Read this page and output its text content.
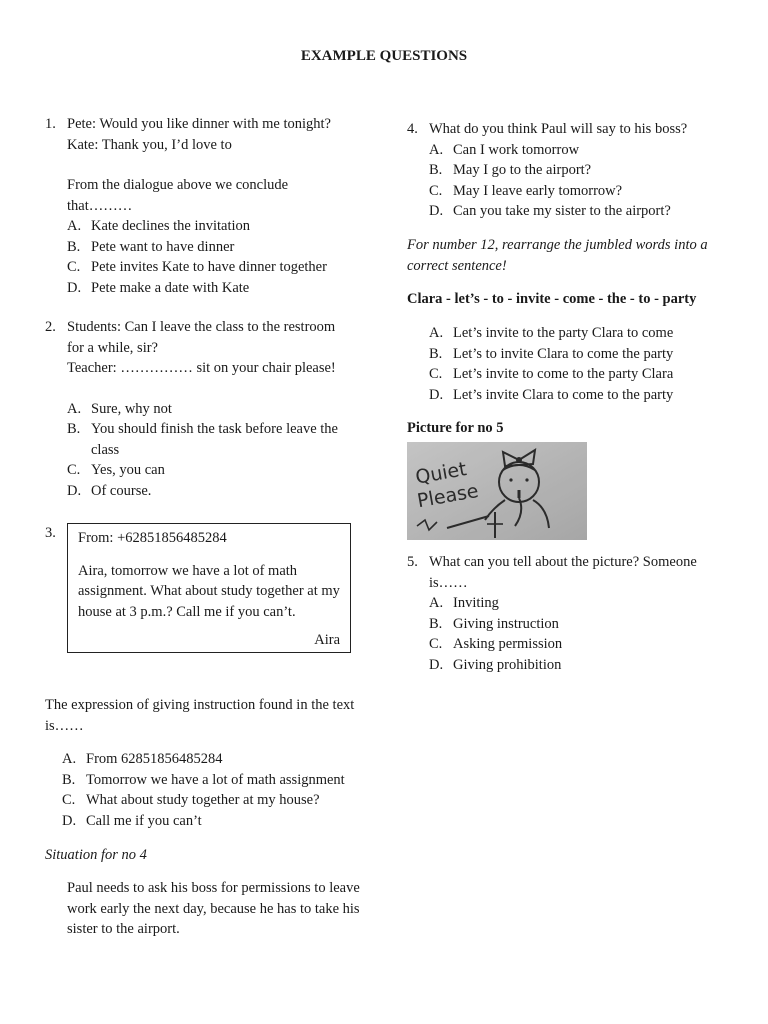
EXAMPLE QUESTIONS
1. Pete: Would you like dinner with me tonight?
Kate: Thank you, I’d love to
From the dialogue above we conclude
that………
A. Kate declines the invitation
B. Pete want to have dinner
C. Pete invites Kate to have dinner together
D. Pete make a date with Kate
2. Students: Can I leave the class to the restroom
for a while, sir?
Teacher: …………… sit on your chair please!
A. Sure, why not
B. You should finish the task before leave the class
C. Yes, you can
D. Of course.
3. From: +62851856485284
Aira, tomorrow we have a lot of math assignment. What about study together at my house at 3 p.m.? Call me if you can’t.
Aira
The expression of giving instruction found in the text is……
A. From 62851856485284
B. Tomorrow we have a lot of math assignment
C. What about study together at my house?
D. Call me if you can’t
Situation for no 4
Paul needs to ask his boss for permissions to leave work early the next day, because he has to take his sister to the airport.
4. What do you think Paul will say to his boss?
A. Can I work tomorrow
B. May I go to the airport?
C. May I leave early tomorrow?
D. Can you take my sister to the airport?
For number 12, rearrange the jumbled words into a correct sentence!
Clara - let’s - to - invite - come - the - to - party
A. Let’s invite to the party Clara to come
B. Let’s to invite Clara to come the party
C. Let’s invite to come to the party Clara
D. Let’s invite Clara to come to the party
Picture for no 5
Quiet
Please
5. What can you tell about the picture? Someone is……
A. Inviting
B. Giving instruction
C. Asking permission
D. Giving prohibition
